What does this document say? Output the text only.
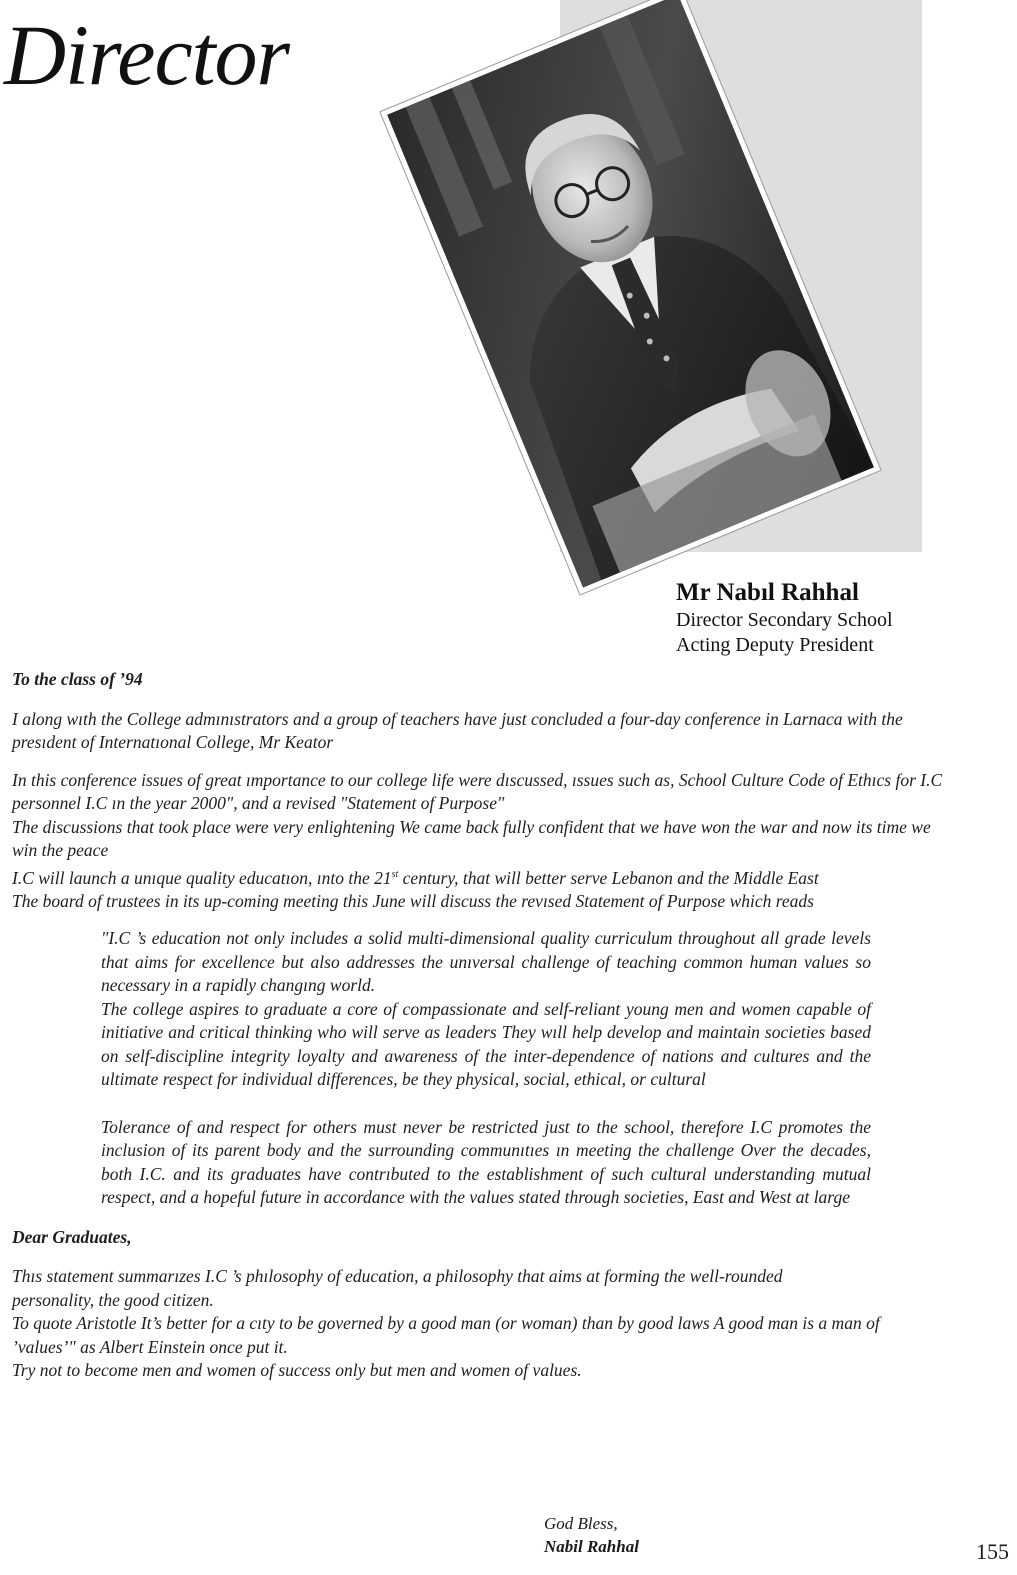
Director
Mr Nabıl Rahhal
Director Secondary School
Acting Deputy President

To the class of ’94

I along wıth the College admınıstrators and a group of teachers have just concluded a four-day conference in Larnaca with the presıdent of Internatıonal College, Mr Keator

In this conference issues of great ımportance to our college life were dıscussed, ıssues such as, School Culture Code of Ethıcs for I.C personnel I.C ın the year 2000", and a revised "Statement of Purpose"

The discussions that took place were very enlightening We came back fully confident that we have won the war and now its time we win the peace

I.C will launch a unıque quality educatıon, ınto the 21st century, that will better serve Lebanon and the Middle East

The board of trustees in its up-coming meeting this June will discuss the revısed Statement of Purpose which reads

"I.C ’s education not only includes a solid multi-dimensional quality curriculum throughout all grade levels that aims for excellence but also addresses the unıversal challenge of teaching common human values so necessary in a rapidly changıng world.

The college aspires to graduate a core of compassionate and self-reliant young men and women capable of initiative and critical thinking who will serve as leaders They wıll help develop and maintain societies based on self-discipline integrity loyalty and awareness of the inter-dependence of nations and cultures and the ultimate respect for individual differences, be they physical, social, ethical, or cultural

Tolerance of and respect for others must never be restricted just to the school, therefore I.C promotes the inclusion of its parent body and the surrounding communıtıes ın meeting the challenge Over the decades, both I.C. and its graduates have contrıbuted to the establishment of such cultural understanding mutual respect, and a hopeful future in accordance with the values stated through societies, East and West at large

Dear Graduates,

Thıs statement summarızes I.C ’s phılosophy of education, a philosophy that aims at forming the well-rounded personality, the good citizen.

To quote Aristotle It’s better for a cıty to be governed by a good man (or woman) than by good laws A good man is a man of ’values’" as Albert Einstein once put it.

Try not to become men and women of success only but men and women of values.

God Bless,
Nabil Rahhal	155
